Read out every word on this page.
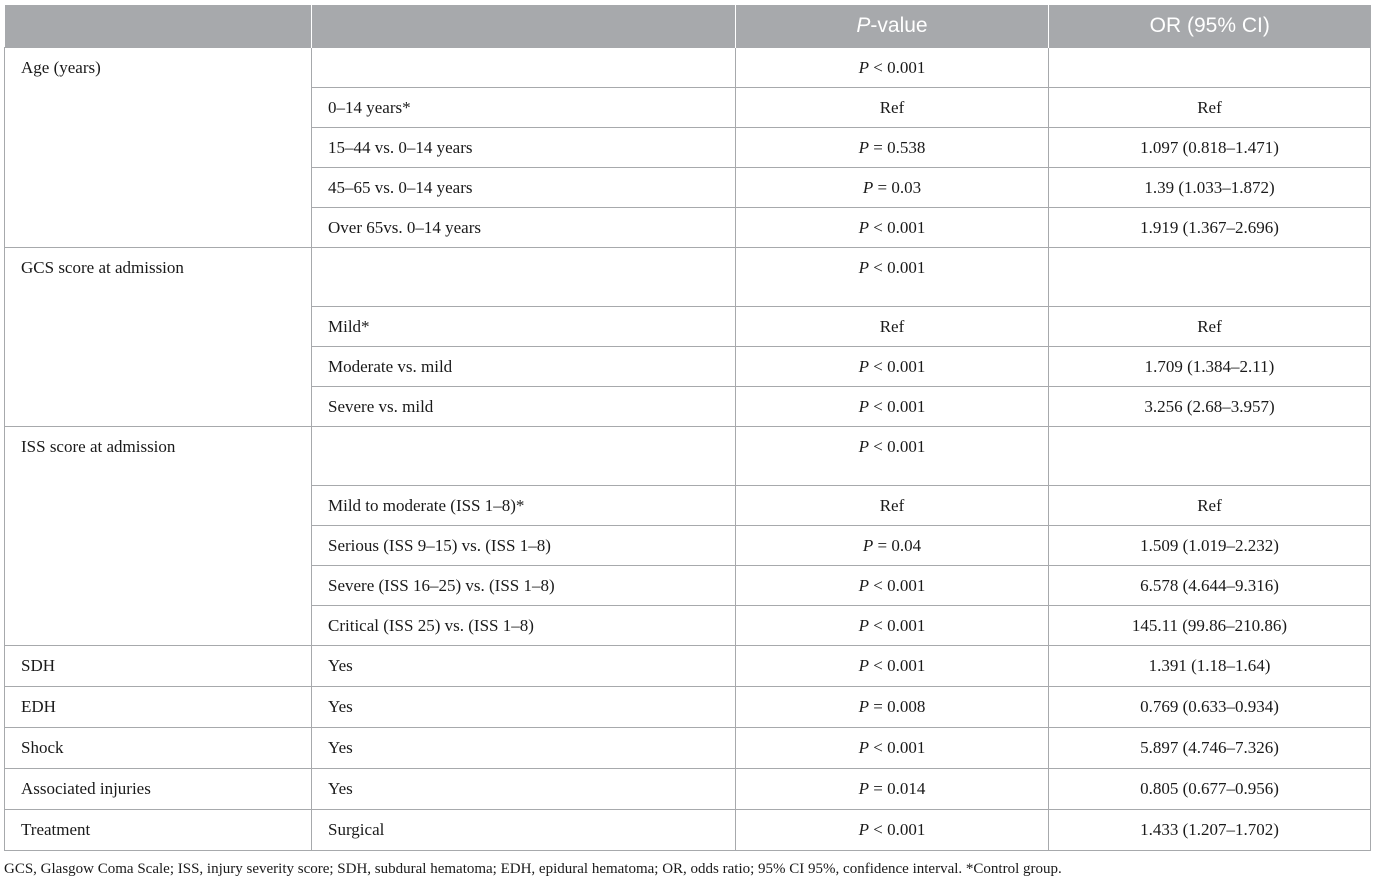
		P-value	OR (95% CI)
Age (years)		P < 0.001	
	0–14 years*	Ref	Ref
	15–44 vs. 0–14 years	P = 0.538	1.097 (0.818–1.471)
	45–65 vs. 0–14 years	P = 0.03	1.39 (1.033–1.872)
	Over 65vs. 0–14 years	P < 0.001	1.919 (1.367–2.696)
GCS score at admission		P < 0.001	
	Mild*	Ref	Ref
	Moderate vs. mild	P < 0.001	1.709 (1.384–2.11)
	Severe vs. mild	P < 0.001	3.256 (2.68–3.957)
ISS score at admission		P < 0.001	
	Mild to moderate (ISS 1–8)*	Ref	Ref
	Serious (ISS 9–15) vs. (ISS 1–8)	P = 0.04	1.509 (1.019–2.232)
	Severe (ISS 16–25) vs. (ISS 1–8)	P < 0.001	6.578 (4.644–9.316)
	Critical (ISS 25) vs. (ISS 1–8)	P < 0.001	145.11 (99.86–210.86)
SDH	Yes	P < 0.001	1.391 (1.18–1.64)
EDH	Yes	P = 0.008	0.769 (0.633–0.934)
Shock	Yes	P < 0.001	5.897 (4.746–7.326)
Associated injuries	Yes	P = 0.014	0.805 (0.677–0.956)
Treatment	Surgical	P < 0.001	1.433 (1.207–1.702)
GCS, Glasgow Coma Scale; ISS, injury severity score; SDH, subdural hematoma; EDH, epidural hematoma; OR, odds ratio; 95% CI 95%, confidence interval. *Control group.
